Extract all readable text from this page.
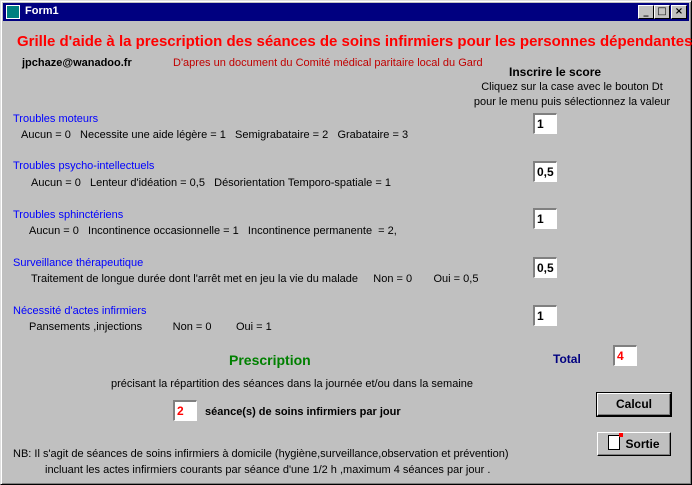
Form1	_ □ ×
Grille d'aide à la prescription des séances de soins infirmiers pour les personnes dépendantes
jpchaze@wanadoo.fr	D'apres un document du Comité médical paritaire local du Gard
Inscrire le score
Cliquez sur la case avec le bouton Dt pour le menu puis sélectionnez la valeur
Troubles moteurs
Aucun = 0   Necessite une aide légère = 1   Semigrabataire = 2   Grabataire = 3
1
Troubles psycho-intellectuels
Aucun = 0   Lenteur d'idéation = 0,5   Désorientation Temporo-spatiale = 1
0,5
Troubles sphinctériens
Aucun = 0   Incontinence occasionnelle = 1   Incontinence permanente  = 2,
1
Surveillance thérapeutique
Traitement de longue durée dont l'arrêt met en jeu la vie du malade     Non = 0       Oui = 0,5
0,5
Nécessité d'actes infirmiers
Pansements ,injections          Non = 0        Oui = 1
1
Prescription	Total	4
précisant la répartition des séances dans la journée et/ou dans la semaine
2	séance(s) de soins infirmiers par jour
Calcul
Sortie
NB: Il s'agit de séances de soins infirmiers à domicile (hygiène,surveillance,observation et prévention)
incluant les actes infirmiers courants par séance d'une 1/2 h ,maximum 4 séances par jour .
